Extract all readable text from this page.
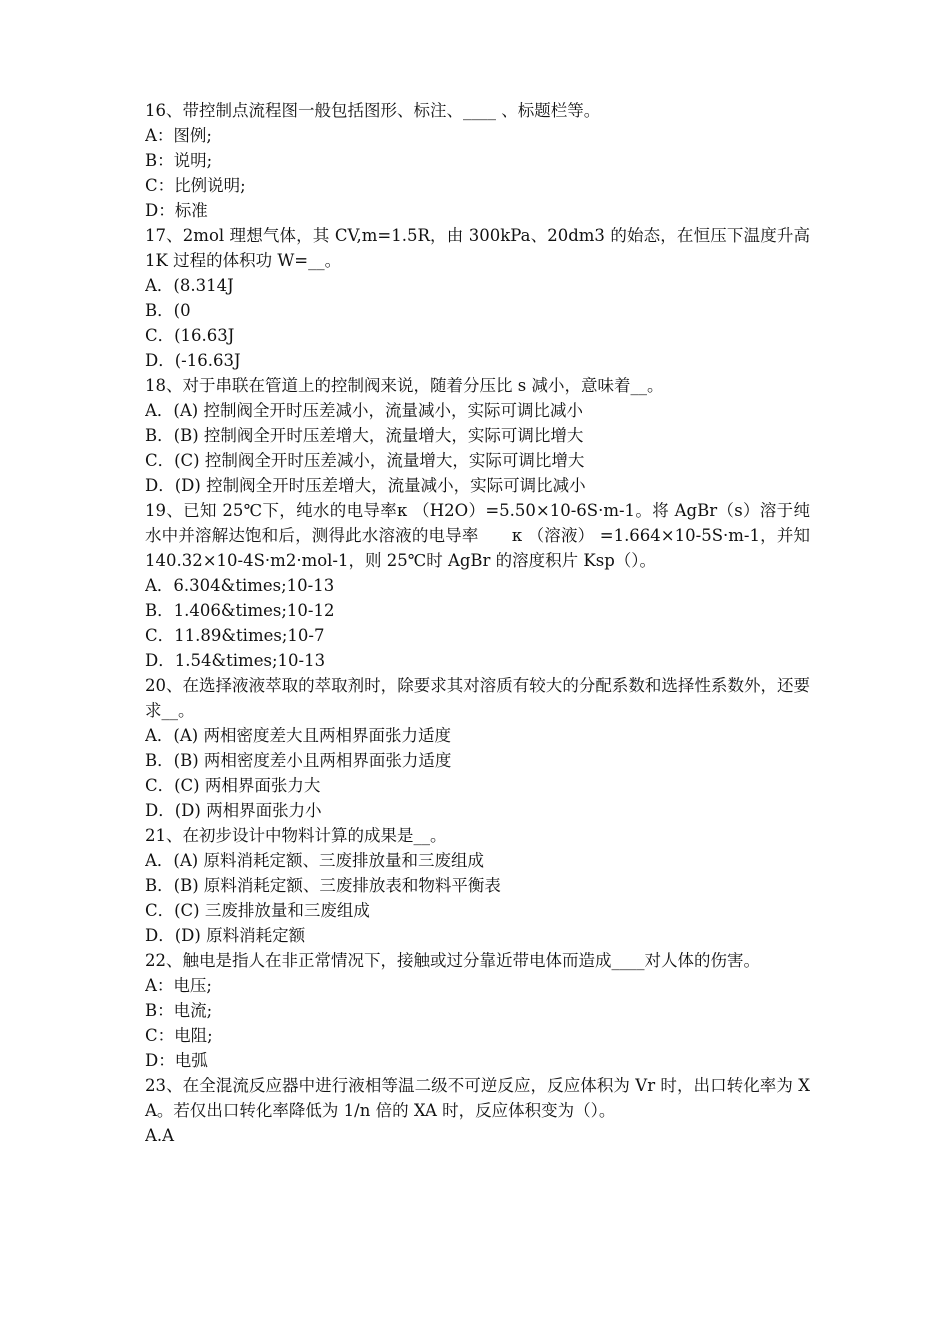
16、带控制点流程图一般包括图形、标注、____ 、标题栏等。
A：图例;
B：说明;
C：比例说明;
D：标准
17、2mol 理想气体，其 CV,m=1.5R，由 300kPa、20dm3 的始态，在恒压下温度升高 1K 过程的体积功 W=__。
A．(8.314J
B．(0
C．(16.63J
D．(-16.63J
18、对于串联在管道上的控制阀来说，随着分压比 s 减小，意味着__。
A．(A) 控制阀全开时压差减小，流量减小，实际可调比减小
B．(B) 控制阀全开时压差增大，流量增大，实际可调比增大
C．(C) 控制阀全开时压差减小，流量增大，实际可调比增大
D．(D) 控制阀全开时压差增大，流量减小，实际可调比减小
19、已知 25℃下，纯水的电导率κ （H2O）=5.50×10-6S·m-1。将 AgBr（s）溶于纯水中并溶解达饱和后，测得此水溶液的电导率　　κ （溶液） =1.664×10-5S·m-1，并知 140.32×10-4S·m2·mol-1，则 25℃时 AgBr 的溶度积片 Ksp（）。
A．6.304&times;10-13
B．1.406&times;10-12
C．11.89&times;10-7
D．1.54&times;10-13
20、在选择液液萃取的萃取剂时，除要求其对溶质有较大的分配系数和选择性系数外，还要求__。
A．(A) 两相密度差大且两相界面张力适度
B．(B) 两相密度差小且两相界面张力适度
C．(C) 两相界面张力大
D．(D) 两相界面张力小
21、在初步设计中物料计算的成果是__。
A．(A) 原料消耗定额、三废排放量和三废组成
B．(B) 原料消耗定额、三废排放表和物料平衡表
C．(C) 三废排放量和三废组成
D．(D) 原料消耗定额
22、触电是指人在非正常情况下，接触或过分靠近带电体而造成____对人体的伤害。
A：电压;
B：电流;
C：电阻;
D：电弧
23、在全混流反应器中进行液相等温二级不可逆反应，反应体积为 Vr 时，出口转化率为 XA。若仅出口转化率降低为 1/n 倍的 XA 时，反应体积变为（）。
A.A
